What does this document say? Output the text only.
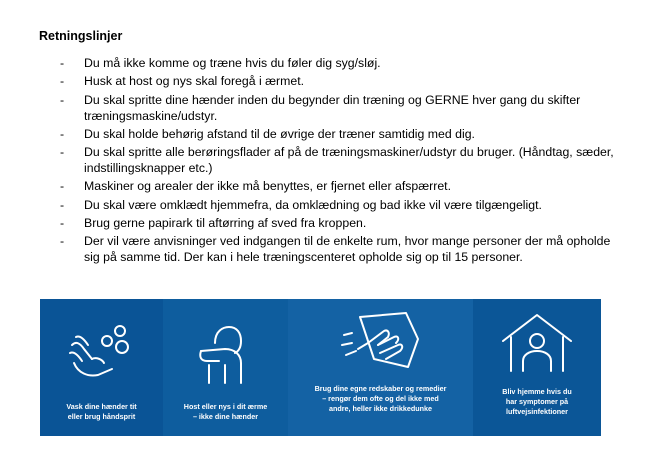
Retningslinjer
- Du må ikke komme og træne hvis du føler dig syg/sløj.
- Husk at host og nys skal foregå i ærmet.
- Du skal spritte dine hænder inden du begynder din træning og GERNE hver gang du skifter træningsmaskine/udstyr.
- Du skal holde behørig afstand til de øvrige der træner samtidig med dig.
- Du skal spritte alle berøringsflader af på de træningsmaskiner/udstyr du bruger. (Håndtag, sæder, indstillingsknapper etc.)
- Maskiner og arealer der ikke må benyttes, er fjernet eller afspærret.
- Du skal være omklædt hjemmefra, da omklædning og bad ikke vil være tilgængeligt.
- Brug gerne papirark til aftørring af sved fra kroppen.
- Der vil være anvisninger ved indgangen til de enkelte rum, hvor mange personer der må opholde sig på samme tid. Der kan i hele træningscenteret opholde sig op til 15 personer.
Vask dine hænder tit
eller brug håndsprit
Host eller nys i dit ærme
– ikke dine hænder
Brug dine egne redskaber og remedier
– rengør dem ofte og del ikke med
andre, heller ikke drikkedunke
Bliv hjemme hvis du
har symptomer på
luftvejsinfektioner
